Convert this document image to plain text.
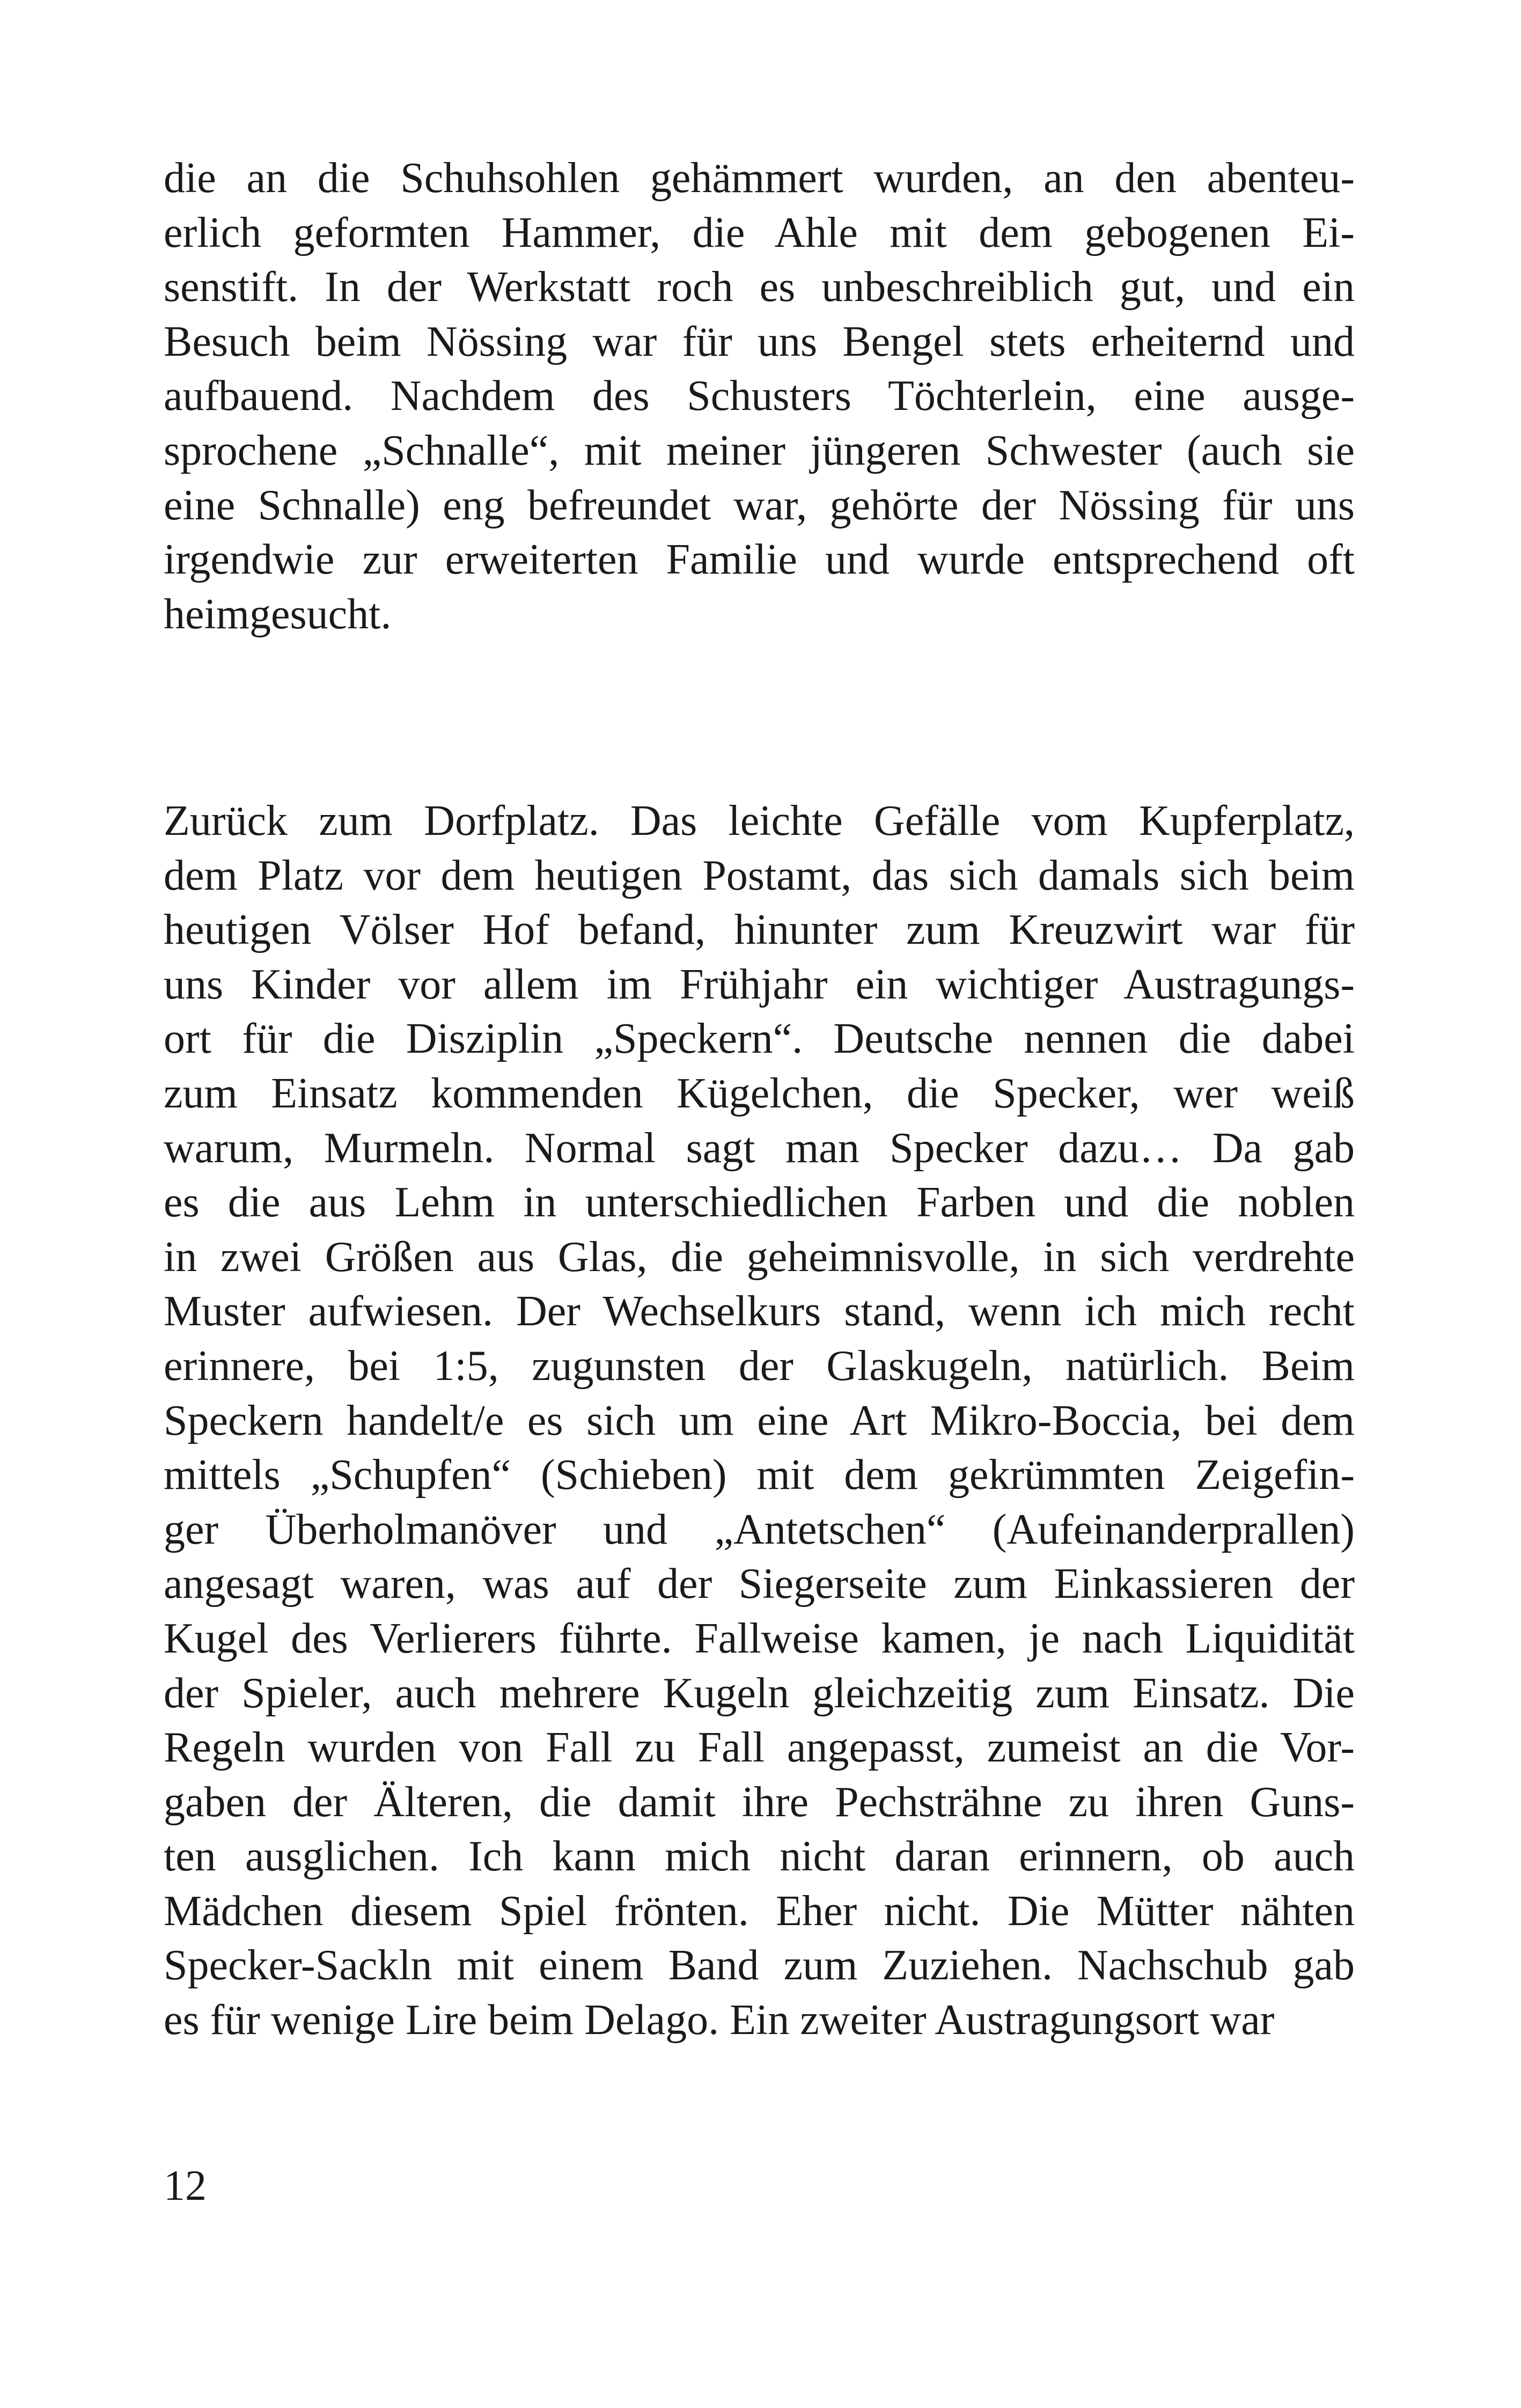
die an die Schuhsohlen gehämmert wurden, an den abenteu-
erlich geformten Hammer, die Ahle mit dem gebogenen Ei-
senstift. In der Werkstatt roch es unbeschreiblich gut, und ein
Besuch beim Nössing war für uns Bengel stets erheiternd und
aufbauend. Nachdem des Schusters Töchterlein, eine ausge-
sprochene „Schnalle“, mit meiner jüngeren Schwester (auch sie
eine Schnalle) eng befreundet war, gehörte der Nössing für uns
irgendwie zur erweiterten Familie und wurde entsprechend oft
heimgesucht.
Zurück zum Dorfplatz. Das leichte Gefälle vom Kupferplatz,
dem Platz vor dem heutigen Postamt, das sich damals sich beim
heutigen Völser Hof befand, hinunter zum Kreuzwirt war für
uns Kinder vor allem im Frühjahr ein wichtiger Austragungs-
ort für die Disziplin „Speckern“. Deutsche nennen die dabei
zum Einsatz kommenden Kügelchen, die Specker, wer weiß
warum, Murmeln. Normal sagt man Specker dazu… Da gab
es die aus Lehm in unterschiedlichen Farben und die noblen
in zwei Größen aus Glas, die geheimnisvolle, in sich verdrehte
Muster aufwiesen. Der Wechselkurs stand, wenn ich mich recht
erinnere, bei 1:5, zugunsten der Glaskugeln, natürlich. Beim
Speckern handelt/e es sich um eine Art Mikro-Boccia, bei dem
mittels „Schupfen“ (Schieben) mit dem gekrümmten Zeigefin-
ger Überholmanöver und „Antetschen“ (Aufeinanderprallen)
angesagt waren, was auf der Siegerseite zum Einkassieren der
Kugel des Verlierers führte. Fallweise kamen, je nach Liquidität
der Spieler, auch mehrere Kugeln gleichzeitig zum Einsatz. Die
Regeln wurden von Fall zu Fall angepasst, zumeist an die Vor-
gaben der Älteren, die damit ihre Pechsträhne zu ihren Guns-
ten ausglichen. Ich kann mich nicht daran erinnern, ob auch
Mädchen diesem Spiel frönten. Eher nicht. Die Mütter nähten
Specker-Sackln mit einem Band zum Zuziehen. Nachschub gab
es für wenige Lire beim Delago. Ein zweiter Austragungsort war
12
